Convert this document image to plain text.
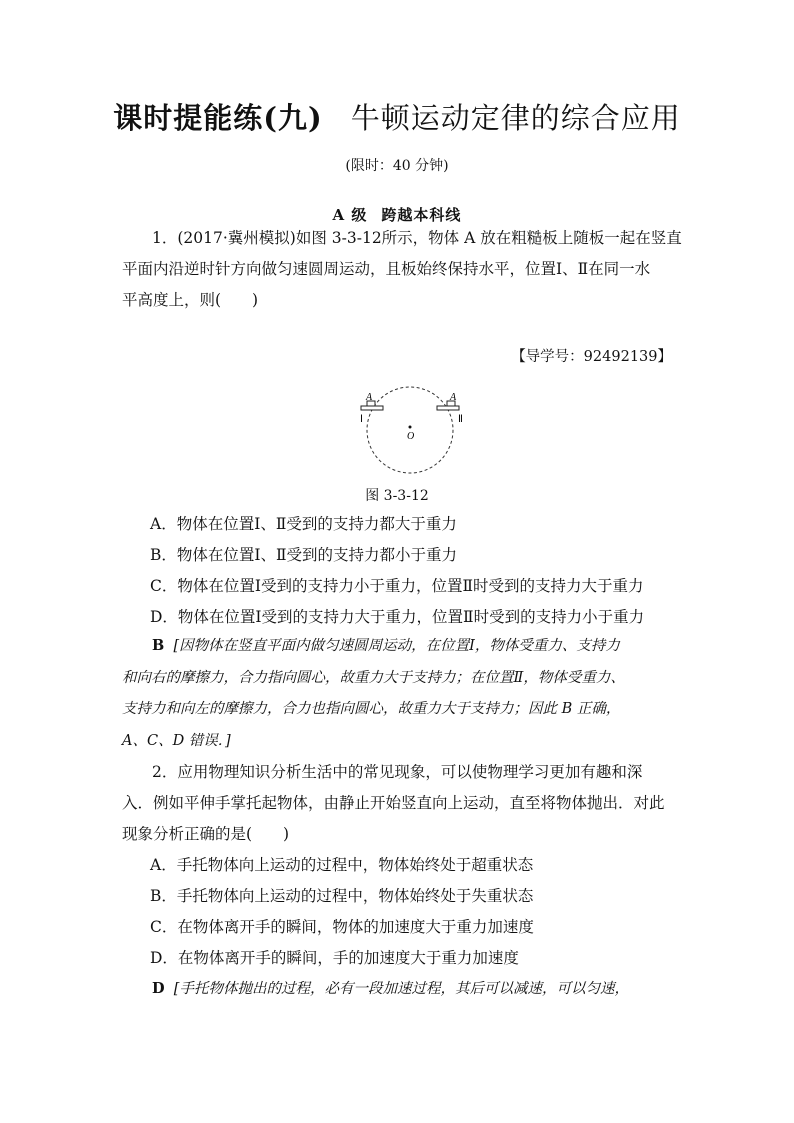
课时提能练(九) 牛顿运动定律的综合应用
(限时：40 分钟)
A 级 跨越本科线
1．(2017·冀州模拟)如图 3-3-12所示，物体 A 放在粗糙板上随板一起在竖直
平面内沿逆时针方向做匀速圆周运动，且板始终保持水平，位置Ⅰ、Ⅱ在同一水
平高度上，则(　　)
【导学号：92492139】
A	A
Ⅰ	Ⅱ
O
图 3-3-12
A．物体在位置Ⅰ、Ⅱ受到的支持力都大于重力
B．物体在位置Ⅰ、Ⅱ受到的支持力都小于重力
C．物体在位置Ⅰ受到的支持力小于重力，位置Ⅱ时受到的支持力大于重力
D．物体在位置Ⅰ受到的支持力大于重力，位置Ⅱ时受到的支持力小于重力
B [因物体在竖直平面内做匀速圆周运动，在位置Ⅰ，物体受重力、支持力
和向右的摩擦力，合力指向圆心，故重力大于支持力；在位置Ⅱ，物体受重力、
支持力和向左的摩擦力，合力也指向圆心，故重力大于支持力；因此 B 正确，
A、C、D 错误．]
2．应用物理知识分析生活中的常见现象，可以使物理学习更加有趣和深
入．例如平伸手掌托起物体，由静止开始竖直向上运动，直至将物体抛出．对此
现象分析正确的是(　　)
A．手托物体向上运动的过程中，物体始终处于超重状态
B．手托物体向上运动的过程中，物体始终处于失重状态
C．在物体离开手的瞬间，物体的加速度大于重力加速度
D．在物体离开手的瞬间，手的加速度大于重力加速度
D [手托物体抛出的过程，必有一段加速过程，其后可以减速，可以匀速，
